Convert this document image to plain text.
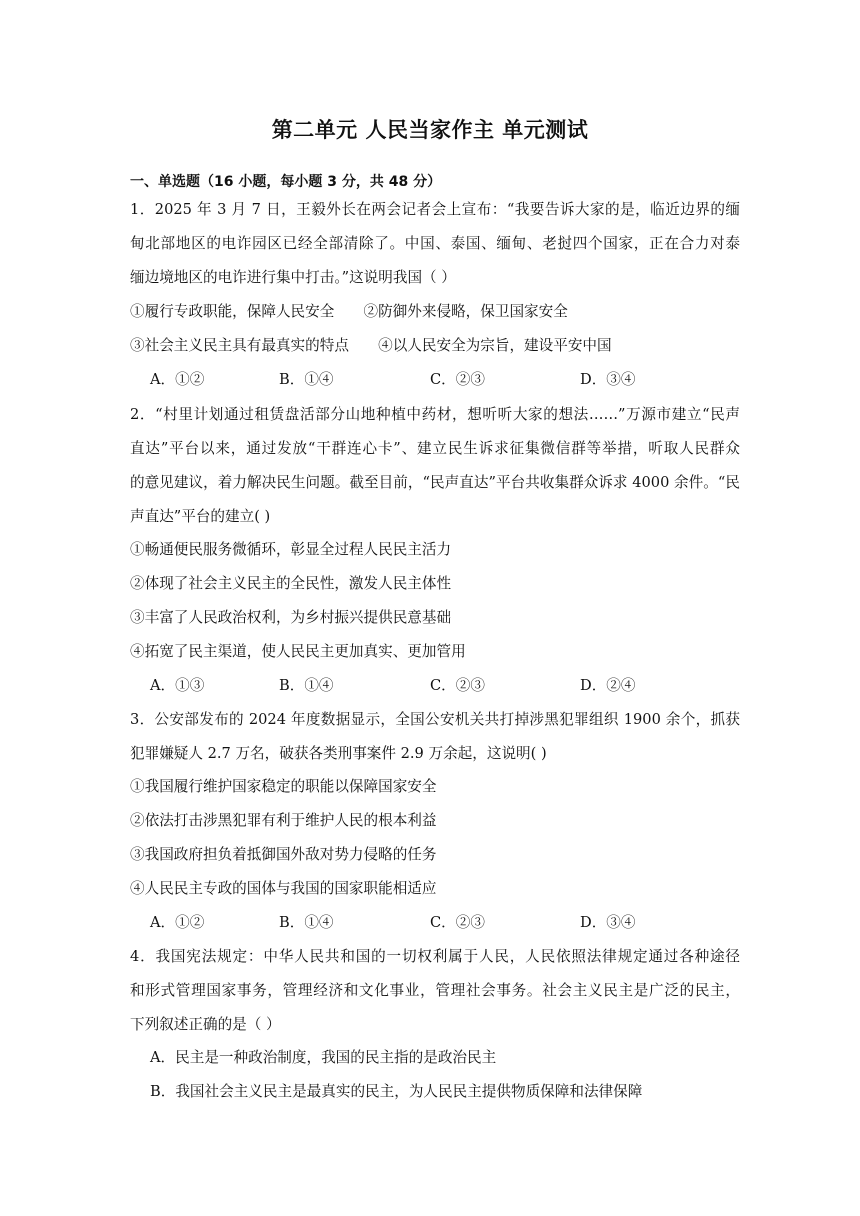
第二单元 人民当家作主 单元测试

一、单选题（16 小题，每小题 3 分，共 48 分）

1．2025 年 3 月 7 日，王毅外长在两会记者会上宣布：“我要告诉大家的是，临近边界的缅

甸北部地区的电诈园区已经全部清除了。中国、泰国、缅甸、老挝四个国家，正在合力对泰

缅边境地区的电诈进行集中打击。”这说明我国（ ）

①履行专政职能，保障人民安全　　②防御外来侵略，保卫国家安全

③社会主义民主具有最真实的特点　　④以人民安全为宗旨，建设平安中国

A．①②	B．①④	C．②③	D．③④

2．“村里计划通过租赁盘活部分山地种植中药材，想听听大家的想法……”万源市建立“民声

直达”平台以来，通过发放“干群连心卡”、建立民生诉求征集微信群等举措，听取人民群众

的意见建议，着力解决民生问题。截至目前，“民声直达”平台共收集群众诉求 4000 余件。“民

声直达”平台的建立( )

①畅通便民服务微循环，彰显全过程人民民主活力

②体现了社会主义民主的全民性，激发人民主体性

③丰富了人民政治权利，为乡村振兴提供民意基础

④拓宽了民主渠道，使人民民主更加真实、更加管用

A．①③	B．①④	C．②③	D．②④

3．公安部发布的 2024 年度数据显示，全国公安机关共打掉涉黑犯罪组织 1900 余个，抓获

犯罪嫌疑人 2.7 万名，破获各类刑事案件 2.9 万余起，这说明( )

①我国履行维护国家稳定的职能以保障国家安全

②依法打击涉黑犯罪有利于维护人民的根本利益

③我国政府担负着抵御国外敌对势力侵略的任务

④人民民主专政的国体与我国的国家职能相适应

A．①②	B．①④	C．②③	D．③④

4．我国宪法规定：中华人民共和国的一切权利属于人民，人民依照法律规定通过各种途径

和形式管理国家事务，管理经济和文化事业，管理社会事务。社会主义民主是广泛的民主，

下列叙述正确的是（ ）

A．民主是一种政治制度，我国的民主指的是政治民主
B．我国社会主义民主是最真实的民主，为人民民主提供物质保障和法律保障
